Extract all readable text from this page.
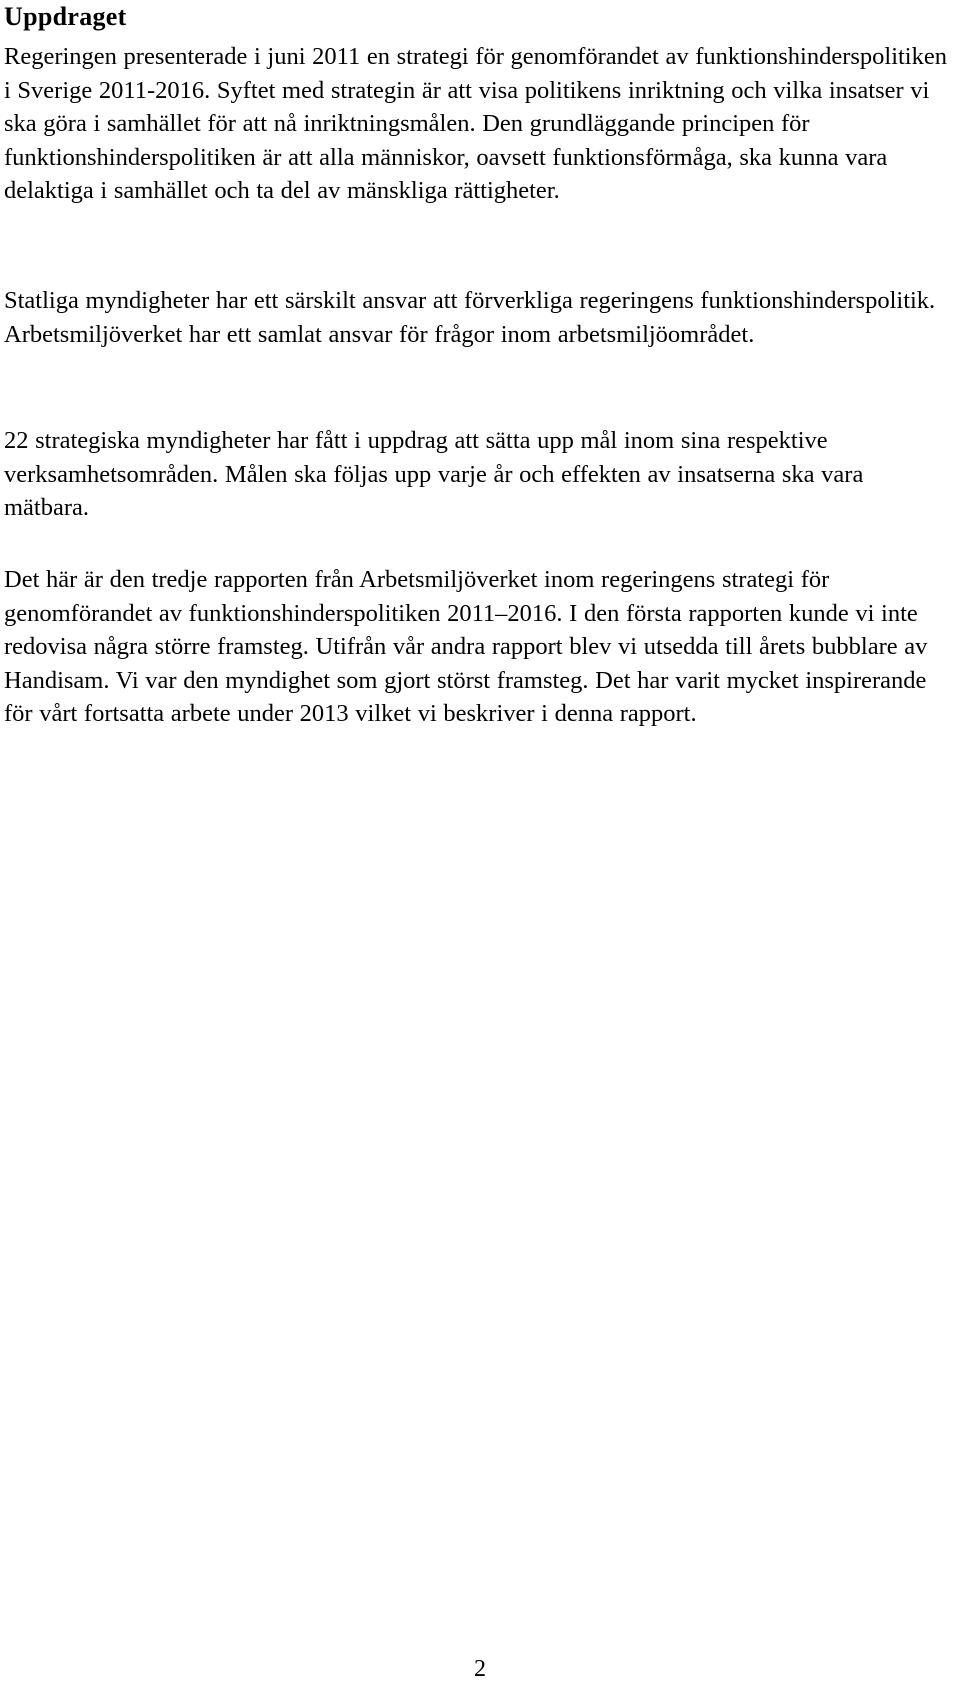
Uppdraget

Regeringen presenterade i juni 2011 en strategi för genomförandet av funktionshinderspolitiken i Sverige 2011-2016. Syftet med strategin är att visa politikens inriktning och vilka insatser vi ska göra i samhället för att nå inriktningsmålen. Den grundläggande principen för funktionshinderspolitiken är att alla människor, oavsett funktionsförmåga, ska kunna vara delaktiga i samhället och ta del av mänskliga rättigheter.

Statliga myndigheter har ett särskilt ansvar att förverkliga regeringens funktionshinderspolitik. Arbetsmiljöverket har ett samlat ansvar för frågor inom arbetsmiljöområdet.

22 strategiska myndigheter har fått i uppdrag att sätta upp mål inom sina respektive verksamhetsområden. Målen ska följas upp varje år och effekten av insatserna ska vara mätbara.

Det här är den tredje rapporten från Arbetsmiljöverket inom regeringens strategi för genomförandet av funktionshinderspolitiken 2011–2016. I den första rapporten kunde vi inte redovisa några större framsteg. Utifrån vår andra rapport blev vi utsedda till årets bubblare av Handisam. Vi var den myndighet som gjort störst framsteg. Det har varit mycket inspirerande för vårt fortsatta arbete under 2013 vilket vi beskriver i denna rapport.

2
